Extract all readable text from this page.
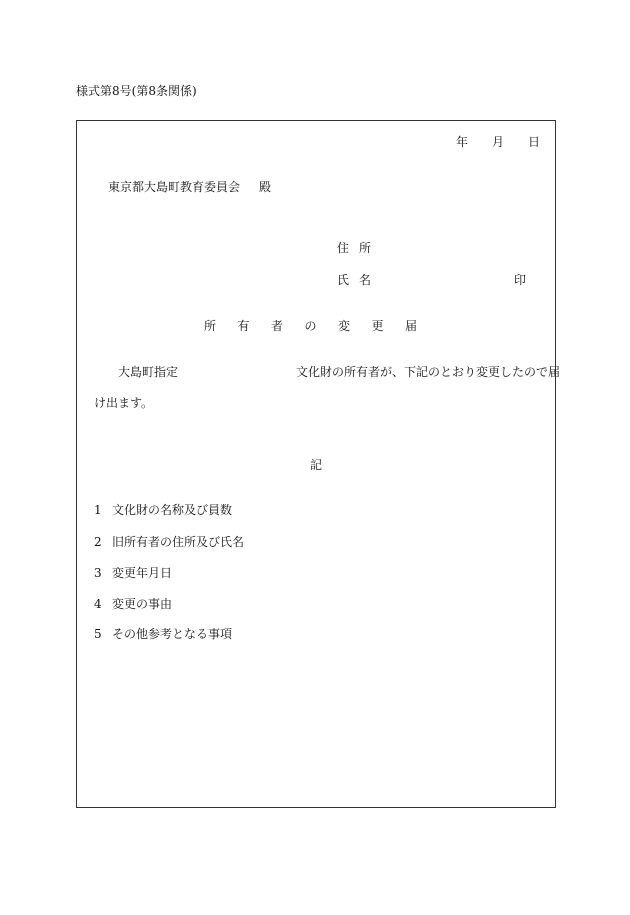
様式第8号(第8条関係)
年 月 日
東京都大島町教育委員会 殿
住所
氏名	印
所有者の変更届
大島町指定	文化財の所有者が、下記のとおり変更したので届
け出ます。
記
1 文化財の名称及び員数
2 旧所有者の住所及び氏名
3 変更年月日
4 変更の事由
5 その他参考となる事項
